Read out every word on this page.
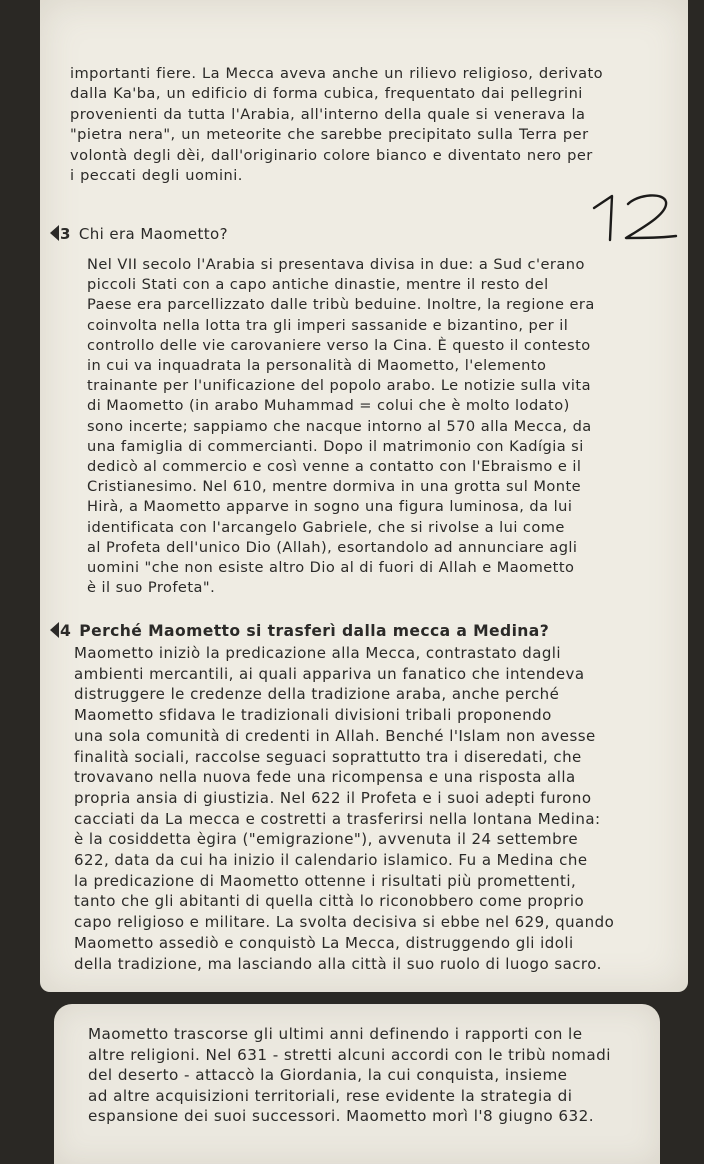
importanti fiere. La Mecca aveva anche un rilievo religioso, derivato

dalla Ka'ba, un edificio di forma cubica, frequentato dai pellegrini

provenienti da tutta l'Arabia, all'interno della quale si venerava la

"pietra nera", un meteorite che sarebbe precipitato sulla Terra per

volontà degli dèi, dall'originario colore bianco e diventato nero per

i peccati degli uomini.

3 Chi era Maometto?

Nel VII secolo l'Arabia si presentava divisa in due: a Sud c'erano

piccoli Stati con a capo antiche dinastie, mentre il resto del

Paese era parcellizzato dalle tribù beduine. Inoltre, la regione era

coinvolta nella lotta tra gli imperi sassanide e bizantino, per il

controllo delle vie carovaniere verso la Cina. È questo il contesto

in cui va inquadrata la personalità di Maometto, l'elemento

trainante per l'unificazione del popolo arabo. Le notizie sulla vita

di Maometto (in arabo Muhammad = colui che è molto lodato)

sono incerte; sappiamo che nacque intorno al 570 alla Mecca, da

una famiglia di commercianti. Dopo il matrimonio con Kadígia si

dedicò al commercio e così venne a contatto con l'Ebraismo e il

Cristianesimo. Nel 610, mentre dormiva in una grotta sul Monte

Hirà, a Maometto apparve in sogno una figura luminosa, da lui

identificata con l'arcangelo Gabriele, che si rivolse a lui come

al Profeta dell'unico Dio (Allah), esortandolo ad annunciare agli

uomini "che non esiste altro Dio al di fuori di Allah e Maometto

è il suo Profeta".

4 Perché Maometto si trasferì dalla mecca a Medina?

Maometto iniziò la predicazione alla Mecca, contrastato dagli

ambienti mercantili, ai quali appariva un fanatico che intendeva

distruggere le credenze della tradizione araba, anche perché

Maometto sfidava le tradizionali divisioni tribali proponendo

una sola comunità di credenti in Allah. Benché l'Islam non avesse

finalità sociali, raccolse seguaci soprattutto tra i diseredati, che

trovavano nella nuova fede una ricompensa e una risposta alla

propria ansia di giustizia. Nel 622 il Profeta e i suoi adepti furono

cacciati da La mecca e costretti a trasferirsi nella lontana Medina:

è la cosiddetta ègira ("emigrazione"), avvenuta il 24 settembre

622, data da cui ha inizio il calendario islamico. Fu a Medina che

la predicazione di Maometto ottenne i risultati più promettenti,

tanto che gli abitanti di quella città lo riconobbero come proprio

capo religioso e militare. La svolta decisiva si ebbe nel 629, quando

Maometto assediò e conquistò La Mecca, distruggendo gli idoli

della tradizione, ma lasciando alla città il suo ruolo di luogo sacro.

Maometto trascorse gli ultimi anni definendo i rapporti con le

altre religioni. Nel 631 - stretti alcuni accordi con le tribù nomadi

del deserto - attaccò la Giordania, la cui conquista, insieme

ad altre acquisizioni territoriali, rese evidente la strategia di

espansione dei suoi successori. Maometto morì l'8 giugno 632.
